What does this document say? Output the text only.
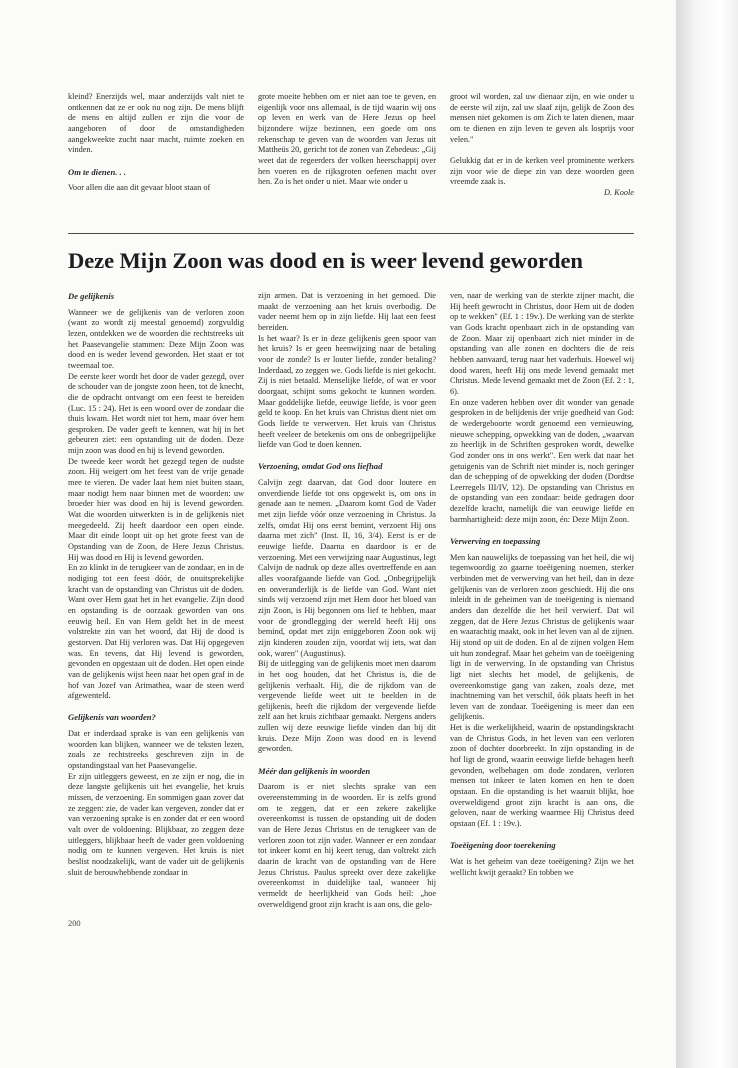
kleind? Enerzijds wel, maar anderzijds valt niet te ontkennen dat ze er ook nu nog zijn. De mens blijft de mens en altijd zullen er zijn die voor de aangeboren of door de omstandigheden aangekweekte zucht naar macht, ruimte zoeken en vinden.

Om te dienen. . .

Voor allen die aan dit gevaar bloot staan of

grote moeite hebben om er niet aan toe te geven, en eigenlijk voor ons allemaal, is de tijd waarin wij ons op leven en werk van de Here Jezus op heel bijzondere wijze bezinnen, een goede om ons rekenschap te geven van de woorden van Jezus uit Mattheüs 20, gericht tot de zonen van Zebedeus: „Gij weet dat de regeerders der volken heerschappij over hen voeren en de rijksgroten oefenen macht over hen. Zo is het onder u niet. Maar wie onder u

groot wil worden, zal uw dienaar zijn, en wie onder u de eerste wil zijn, zal uw slaaf zijn, gelijk de Zoon des mensen niet gekomen is om Zich te laten dienen, maar om te dienen en zijn leven te geven als losprijs voor velen."

Gelukkig dat er in de kerken veel prominente werkers zijn voor wie de diepe zin van deze woorden geen vreemde zaak is.

D. Koole

Deze Mijn Zoon was dood en is weer levend geworden
De gelijkenis

Wanneer we de gelijkenis van de verloren zoon (want zo wordt zij meestal genoemd) zorgvuldig lezen, ontdekken we de woorden die rechtstreeks uit het Paasevangelie stammen: Deze Mijn Zoon was dood en is weder levend geworden. Het staat er tot tweemaal toe.

De eerste keer wordt het door de vader gezegd, over de schouder van de jongste zoon heen, tot de knecht, die de opdracht ontvangt om een feest te bereiden (Luc. 15 : 24). Het is een woord over de zondaar die thuis kwam. Het wordt niet tot hem, maar óver hem gesproken. De vader geeft te kennen, wat hij in het gebeuren ziet: een opstanding uit de doden. Deze mijn zoon was dood en hij is levend geworden.

De tweede keer wordt het gezegd tegen de oudste zoon. Hij weigert om het feest van de vrije genade mee te vieren. De vader laat hem niet buiten staan, maar nodigt hem naar binnen met de woorden: uw broeder hier was dood en hij is levend geworden. Wat die woorden uitwerkten is in de gelijkenis niet meegedeeld. Zij heeft daardoor een open einde. Maar dit einde loopt uit op het grote feest van de Opstanding van de Zoon, de Here Jezus Christus. Hij was dood en Hij is levend geworden.

En zo klinkt in de terugkeer van de zondaar, en in de nodiging tot een feest dóór, de onuitsprekelijke kracht van de opstanding van Christus uit de doden. Want over Hem gaat het in het evangelie. Zijn dood en opstanding is de oorzaak geworden van ons eeuwig heil. En van Hem geldt het in de meest volstrekte zin van het woord, dat Hij de dood is gestorven. Dat Hij verloren was. Dat Hij opgegeven was. En tevens, dat Hij levend is geworden, gevonden en opgestaan uit de doden. Het open einde van de gelijkenis wijst heen naar het open graf in de hof van Jozef van Arimathea, waar de steen werd afgewenteld.

Gelijkenis van woorden?

Dat er inderdaad sprake is van een gelijkenis van woorden kan blijken, wanneer we de teksten lezen, zoals ze rechtstreeks geschreven zijn in de opstandingstaal van het Paasevangelie.

Er zijn uitleggers geweest, en ze zijn er nog, die in deze langste gelijkenis uit het evangelie, het kruis missen, de verzoening. En sommigen gaan zover dat ze zeggen: zie, de vader kan vergeven, zonder dat er van verzoening sprake is en zonder dat er een woord valt over de voldoening. Blijkbaar, zo zeggen deze uitleggers, blijkbaar heeft de vader geen voldoening nodig om te kunnen vergeven. Het kruis is niet beslist noodzakelijk, want de vader uit de gelijkenis sluit de berouwhebbende zondaar in

zijn armen. Dat is verzoening in het gemoed. Die maakt de verzoening aan het kruis overbodig. De vader neemt hem op in zijn liefde. Hij laat een feest bereiden.

Is het waar? Is er in deze gelijkenis geen spoor van het kruis? Is er geen heenwijzing naar de betaling voor de zonde? Is er louter liefde, zonder betaling? Inderdaad, zo zeggen we. Gods liefde is niet gekocht. Zij is niet betaald. Menselijke liefde, of wat er voor doorgaat, schijnt soms gekocht te kunnen worden. Maar goddelijke liefde, eeuwige liefde, is voor geen geld te koop. En het kruis van Christus dient niet om Gods liefde te verwerven. Het kruis van Christus heeft veeleer de betekenis om ons de onbegrijpelijke liefde van God te doen kennen.

Verzoening, omdat God ons liefhad

Calvijn zegt daarvan, dat God door loutere en onverdiende liefde tot ons opgewekt is, om ons in genade aan te nemen. „Daarom komt God de Vader met zijn liefde vóór onze verzoening in Christus. Ja zelfs, omdat Hij ons eerst bemint, verzoent Hij ons daarna met zich" (Inst. II, 16, 3/4). Eerst is er de eeuwige liefde. Daarna en daardoor is er de verzoening. Met een verwijzing naar Augustinus, legt Calvijn de nadruk op deze alles overtreffende en aan alles voorafgaande liefde van God. „Onbegrijpelijk en onveranderlijk is de liefde van God. Want niet sinds wij verzoend zijn met Hem door het bloed van zijn Zoon, is Hij begonnen ons lief te hebben, maar voor de grondlegging der wereld heeft Hij ons bemind, opdat met zijn eniggeboren Zoon ook wij zijn kinderen zouden zijn, voordat wij iets, wat dan ook, waren" (Augustinus).

Bij de uitlegging van de gelijkenis moet men daarom in het oog houden, dat het Christus is, die de gelijkenis verhaalt. Hij, die de rijkdom van de vergevende liefde weet uit te beelden in de gelijkenis, heeft die rijkdom der vergevende liefde zelf aan het kruis zichtbaar gemaakt. Nergens anders zullen wij deze eeuwige liefde vinden dan bij dit kruis. Deze Mijn Zoon was dood en is levend geworden.

Méér dan gelijkenis in woorden

Daarom is er niet slechts sprake van een overeenstemming in de woorden. Er is zelfs grond om te zeggen, dat er een zekere zakelijke overeenkomst is tussen de opstanding uit de doden van de Here Jezus Christus en de terugkeer van de verloren zoon tot zijn vader. Wanneer er een zondaar tot inkeer komt en hij keert terug, dan voltrekt zich daarin de kracht van de opstanding van de Here Jezus Christus. Paulus spreekt over deze zakelijke overeenkomst in duidelijke taal, wanneer hij vermeldt de heerlijkheid van Gods heil: „hoe overweldigend groot zijn kracht is aan ons, die gelo-

ven, naar de werking van de sterkte zijner macht, die Hij heeft gewrocht in Christus, door Hem uit de doden op te wekken" (Ef. 1 : 19v.). De werking van de sterkte van Gods kracht openbaart zich in de opstanding van de Zoon. Maar zij openbaart zich niet minder in de opstanding van alle zonen en dochters die de reis hebben aanvaard, terug naar het vaderhuis. Hoewel wij dood waren, heeft Hij ons mede levend gemaakt met Christus. Mede levend gemaakt met de Zoon (Ef. 2 : 1, 6).

En onze vaderen hebben over dit wonder van genade gesproken in de belijdenis der vrije goedheid van God: de wedergeboorte wordt genoemd een vernieuwing, nieuwe schepping, opwekking van de doden, „waarvan zo heerlijk in de Schriften gesproken wordt, dewelke God zonder ons in ons werkt". Een werk dat naar het getuigenis van de Schrift niet minder is, noch geringer dan de schepping of de opwekking der doden (Dordtse Leerregels III/IV, 12). De opstanding van Christus en de opstanding van een zondaar: beide gedragen door dezelfde kracht, namelijk die van eeuwige liefde en barmhartigheid: deze mijn zoon, én: Deze Mijn Zoon.

Verwerving en toepassing

Men kan nauwelijks de toepassing van het heil, die wij tegenwoordig zo gaarne toeëigening noemen, sterker verbinden met de verwerving van het heil, dan in deze gelijkenis van de verloren zoon geschiedt. Hij die ons inleidt in de geheimen van de toeëigening is niemand anders dan dezelfde die het heil verwierf. Dat wil zeggen, dat de Here Jezus Christus de gelijkenis waar en waarachtig maakt, ook in het leven van al de zijnen. Hij stond op uit de doden. En al de zijnen volgen Hem uit hun zondegraf. Maar het geheim van de toeëigening ligt in de verwerving. In de opstanding van Christus ligt niet slechts het model, de gelijkenis, de overeenkomstige gang van zaken, zoals deze, met inachtneming van het verschil, óók plaats heeft in het leven van de zondaar. Toeëigening is meer dan een gelijkenis.

Het is die werkelijkheid, waarin de opstandingskracht van de Christus Gods, in het leven van een verloren zoon of dochter doorbreekt. In zijn opstanding in de hof ligt de grond, waarin eeuwige liefde behagen heeft gevonden, welbehagen om dode zondaren, verloren mensen tot inkeer te laten komen en hen te doen opstaan. En die opstanding is het waaruit blijkt, hoe overweldigend groot zijn kracht is aan ons, die geloven, naar de werking waarmee Hij Christus deed opstaan (Ef. 1 : 19v.).

Toeëigening door toerekening

Wat is het geheim van deze toeëigening? Zijn we het wellicht kwijt geraakt? En tobben we

200
